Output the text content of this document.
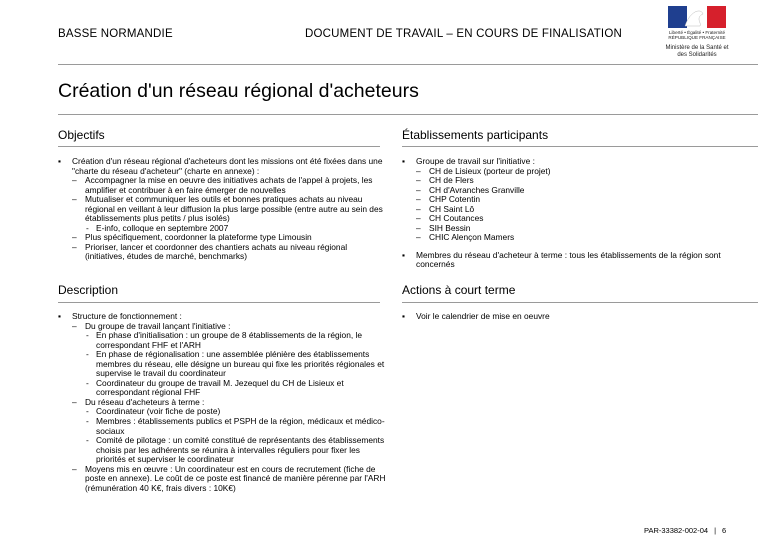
BASSE NORMANDIE	DOCUMENT DE TRAVAIL – EN COURS DE FINALISATION	Liberté • Égalité • Fraternité
RÉPUBLIQUE FRANÇAISE
Ministère de la Santé et des Solidarités
Création d'un réseau régional d'acheteurs
Objectifs
▪ Création d'un réseau régional d'acheteurs dont les missions ont été fixées dans une "charte du réseau d'acheteur" (charte en annexe) :
– Accompagner la mise en oeuvre des initiatives achats de l'appel à projets, les amplifier et contribuer à en faire émerger de nouvelles
– Mutualiser et communiquer les outils et bonnes pratiques achats au niveau régional en veillant à leur diffusion la plus large possible (entre autre au sein des établissements plus petits / plus isolés)
- E-info, colloque en septembre 2007
– Plus spécifiquement, coordonner la plateforme type Limousin
– Prioriser, lancer et coordonner des chantiers achats au niveau régional (initiatives, études de marché, benchmarks)
Établissements participants
▪ Groupe de travail sur l'initiative :
– CH de Lisieux (porteur de projet)
– CH de Flers
– CH d'Avranches Granville
– CHP Cotentin
– CH Saint Lô
– CH Coutances
– SIH Bessin
– CHIC Alençon Mamers
▪ Membres du réseau d'acheteur à terme : tous les établissements de la région sont concernés
Description
▪ Structure de fonctionnement :
– Du groupe de travail lançant l'initiative :
- En phase d'initialisation : un groupe de 8 établissements de la région, le correspondant FHF et l'ARH
- En phase de régionalisation : une assemblée plénière des établissements membres du réseau, elle désigne un bureau qui fixe les priorités régionales et supervise le travail du coordinateur
- Coordinateur du groupe de travail M. Jezequel du CH de Lisieux et correspondant régional FHF
– Du réseau d'acheteurs à terme :
- Coordinateur (voir fiche de poste)
- Membres : établissements publics et PSPH de la région, médicaux et médico-sociaux
- Comité de pilotage : un comité constitué de représentants des établissements choisis par les adhérents se réunira à intervalles réguliers pour fixer les priorités et superviser le coordinateur
– Moyens mis en œuvre : Un coordinateur est en cours de recrutement (fiche de poste en annexe). Le coût de ce poste est financé de manière pérenne par l'ARH (rémunération 40 K€, frais divers : 10K€)
Actions à court terme
▪ Voir le calendrier de mise en oeuvre
PAR-33382-002-04 | 6
